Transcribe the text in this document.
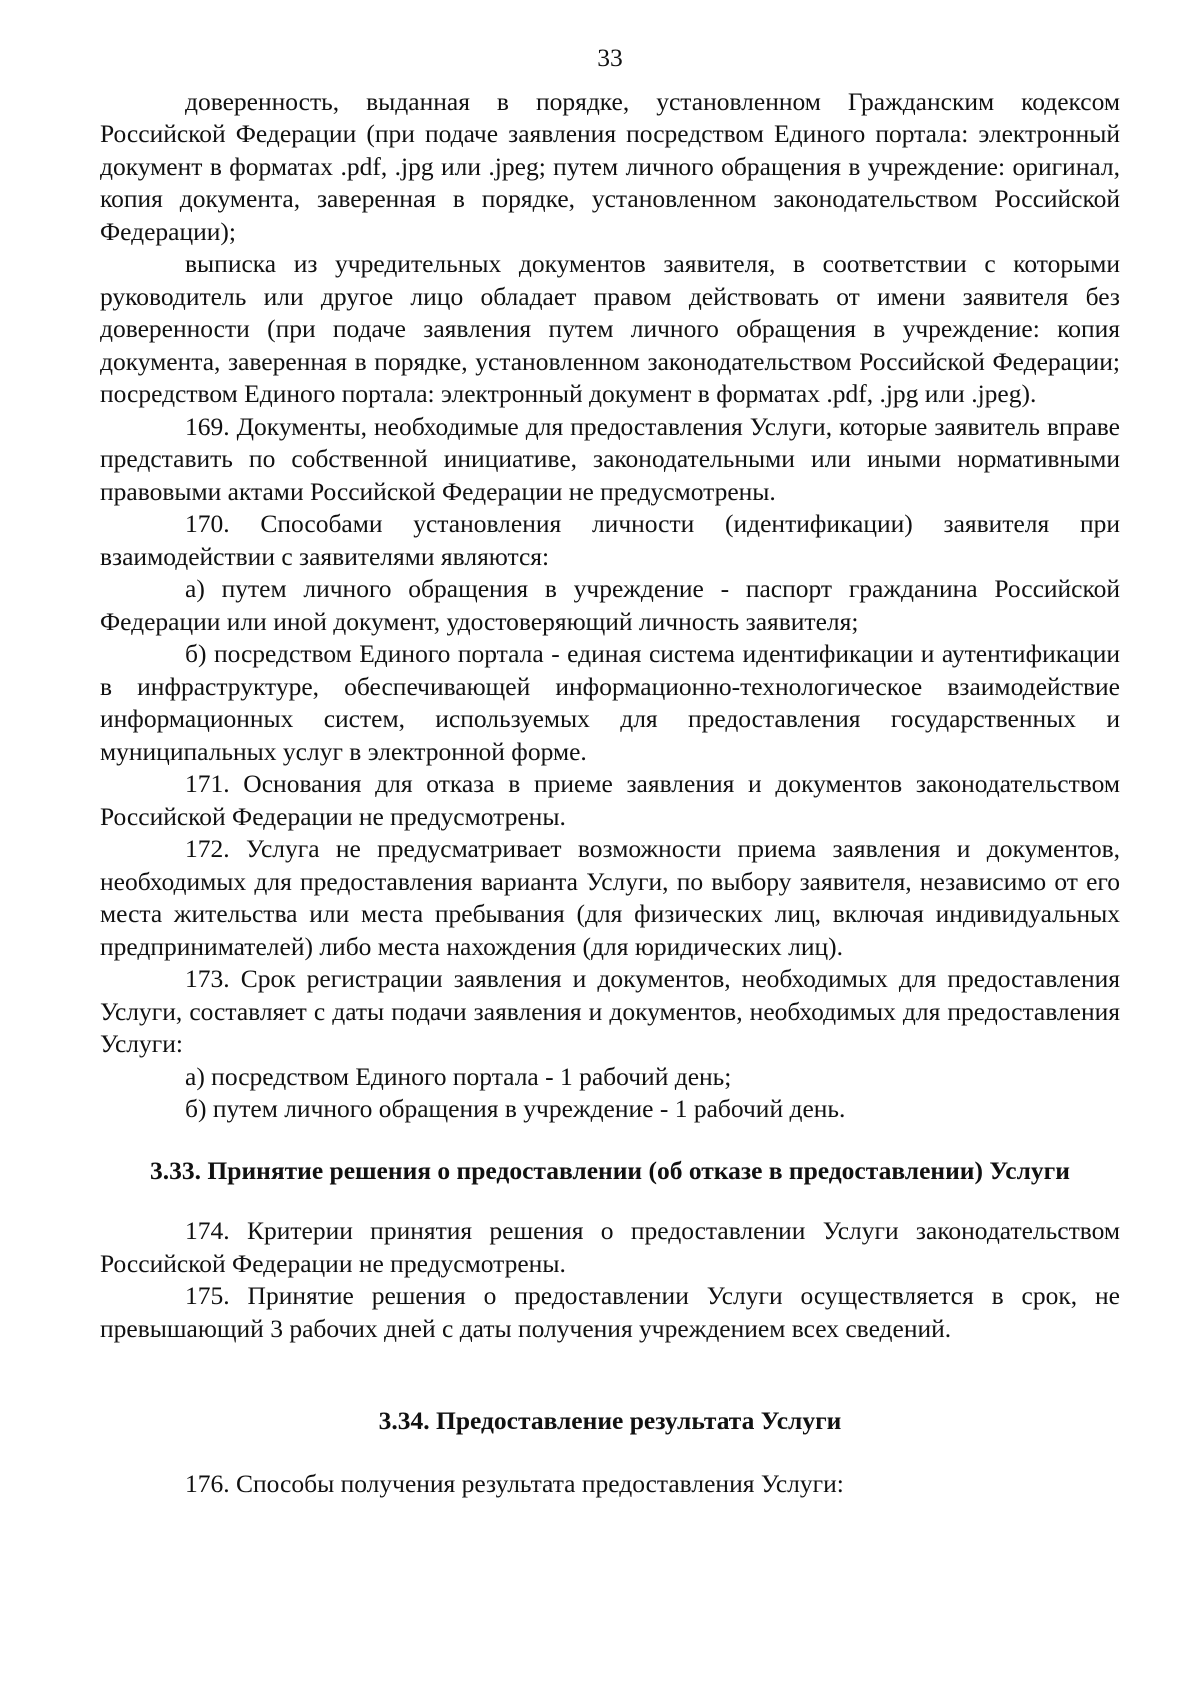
33

доверенность, выданная в порядке, установленном Гражданским кодексом Российской Федерации (при подаче заявления посредством Единого портала: электронный документ в форматах .pdf, .jpg или .jpeg; путем личного обращения в учреждение: оригинал, копия документа, заверенная в порядке, установленном законодательством Российской Федерации);

выписка из учредительных документов заявителя, в соответствии с которыми руководитель или другое лицо обладает правом действовать от имени заявителя без доверенности (при подаче заявления путем личного обращения в учреждение: копия документа, заверенная в порядке, установленном законодательством Российской Федерации; посредством Единого портала: электронный документ в форматах .pdf, .jpg или .jpeg).

169. Документы, необходимые для предоставления Услуги, которые заявитель вправе представить по собственной инициативе, законодательными или иными нормативными правовыми актами Российской Федерации не предусмотрены.

170. Способами установления личности (идентификации) заявителя при взаимодействии с заявителями являются:

а) путем личного обращения в учреждение - паспорт гражданина Российской Федерации или иной документ, удостоверяющий личность заявителя;

б) посредством Единого портала - единая система идентификации и аутентификации в инфраструктуре, обеспечивающей информационно-технологическое взаимодействие информационных систем, используемых для предоставления государственных и муниципальных услуг в электронной форме.

171. Основания для отказа в приеме заявления и документов законодательством Российской Федерации не предусмотрены.

172. Услуга не предусматривает возможности приема заявления и документов, необходимых для предоставления варианта Услуги, по выбору заявителя, независимо от его места жительства или места пребывания (для физических лиц, включая индивидуальных предпринимателей) либо места нахождения (для юридических лиц).

173. Срок регистрации заявления и документов, необходимых для предоставления Услуги, составляет с даты подачи заявления и документов, необходимых для предоставления Услуги:

а) посредством Единого портала - 1 рабочий день;

б) путем личного обращения в учреждение - 1 рабочий день.

3.33. Принятие решения о предоставлении (об отказе в предоставлении) Услуги

174. Критерии принятия решения о предоставлении Услуги законодательством Российской Федерации не предусмотрены.

175. Принятие решения о предоставлении Услуги осуществляется в срок, не превышающий 3 рабочих дней с даты получения учреждением всех сведений.

3.34. Предоставление результата Услуги

176. Способы получения результата предоставления Услуги:
